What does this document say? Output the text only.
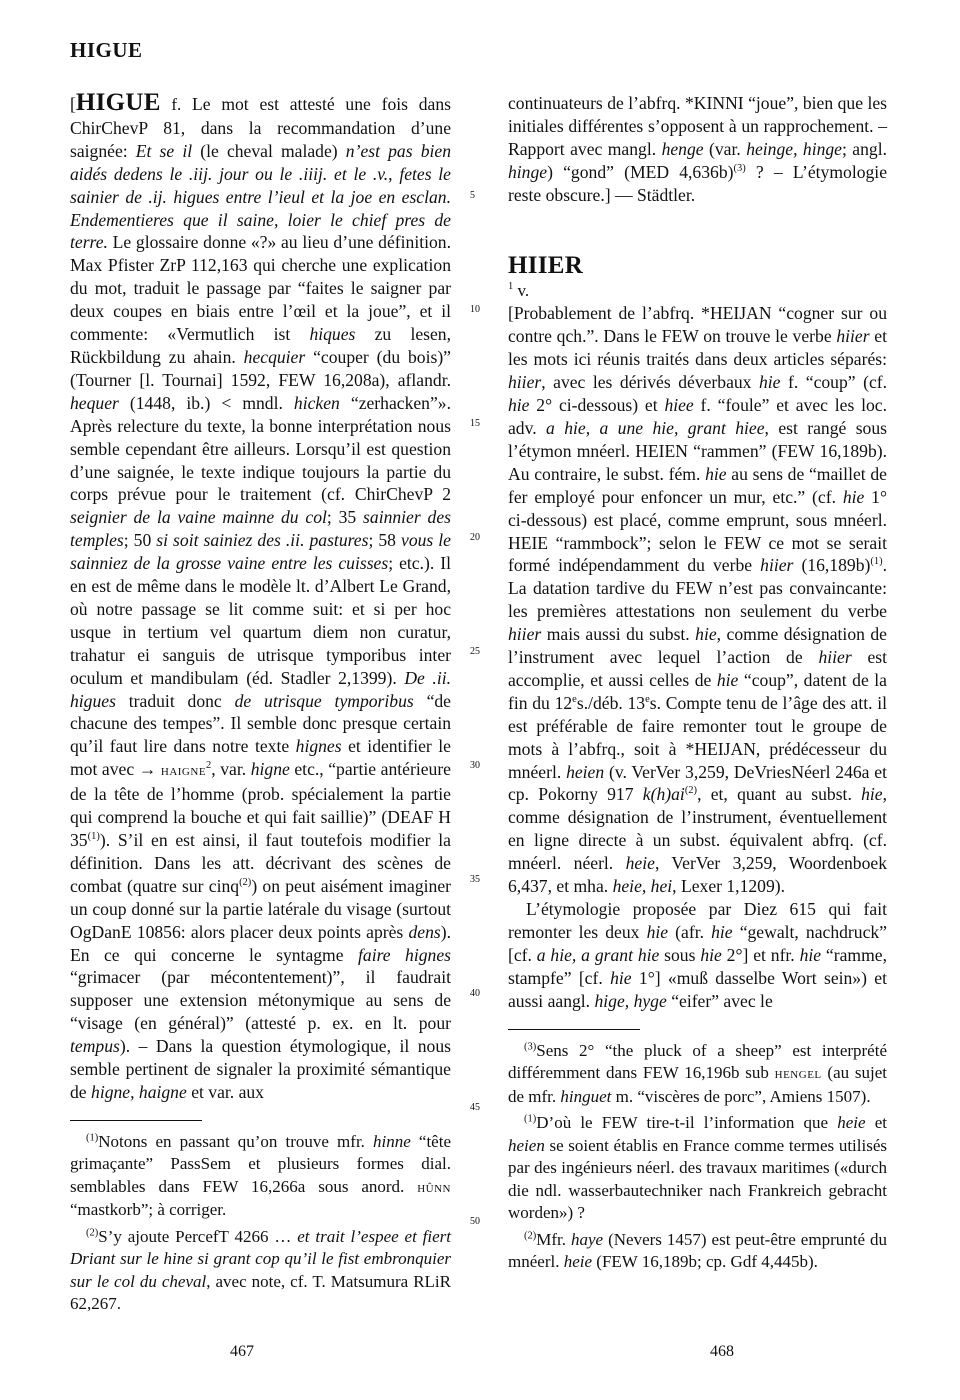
HIGUE

[HIGUE f. Le mot est attesté une fois dans ChirChevP 81, dans la recommandation d’une saignée: Et se il (le cheval malade) n’est pas bien aidés dedens le .iij. jour ou le .iiij. et le .v., fetes le sainier de .ij. higues entre l’ieul et la joe en esclan. Endementieres que il saine, loier le chief pres de terre. Le glossaire donne «?» au lieu d’une définition. Max Pfister ZrP 112,163 qui cherche une explication du mot, traduit le passage par “faites le saigner par deux coupes en biais entre l’œil et la joue”, et il commente: «Vermutlich ist hiques zu lesen, Rückbildung zu ahain. hecquier “couper (du bois)” (Tourner [l. Tournai] 1592, FEW 16,208a), aflandr. hequer (1448, ib.) < mndl. hicken “zerhacken”». Après relecture du texte, la bonne interprétation nous semble cependant être ailleurs. Lorsqu’il est question d’une saignée, le texte indique toujours la partie du corps prévue pour le traitement (cf. ChirChevP 2 seignier de la vaine mainne du col; 35 sainnier des temples; 50 si soit sainiez des .ii. pastures; 58 vous le sainniez de la grosse vaine entre les cuisses; etc.). Il en est de même dans le modèle lt. d’Albert Le Grand, où notre passage se lit comme suit: et si per hoc usque in tertium vel quartum diem non curatur, trahatur ei sanguis de utrisque tymporibus inter oculum et mandibulam (éd. Stadler 2,1399). De .ii. higues traduit donc de utrisque tymporibus “de chacune des tempes”. Il semble donc presque certain qu’il faut lire dans notre texte hignes et identifier le mot avec → haigne$^2$, var. higne etc., “partie antérieure de la tête de l’homme (prob. spécialement la partie qui comprend la bouche et qui fait saillie)” (DEAF H 35$^{(1)}$). S’il en est ainsi, il faut toutefois modifier la définition. Dans les att. décrivant des scènes de combat (quatre sur cinq$^{(2)}$) on peut aisément imaginer un coup donné sur la partie latérale du visage (surtout OgDanE 10856: alors placer deux points après dens). En ce qui concerne le syntagme faire hignes “grimacer (par mécontentement)”, il faudrait supposer une extension métonymique au sens de “visage (en général)” (attesté p. ex. en lt. pour tempus). – Dans la question étymologique, il nous semble pertinent de signaler la proximité sémantique de higne, haigne et var. aux

$^{(1)}$Notons en passant qu’on trouve mfr. hinne “tête grimaçante” PassSem et plusieurs formes dial. semblables dans FEW 16,266a sous anord. hûnn “mastkorb”; à corriger.

$^{(2)}$S’y ajoute PercefT 4266 … et trait l’espee et fiert Driant sur le hine si grant cop qu’il le fist embronquier sur le col du cheval, avec note, cf. T. Matsumura RLiR 62,267.

5
10
15
20
25
30
35
40
45
50

continuateurs de l’abfrq. *KINNI “joue”, bien que les initiales différentes s’opposent à un rapprochement. – Rapport avec mangl. henge (var. heinge, hinge; angl. hinge) “gond” (MED 4,636b)$^{(3)}$ ? – L’étymologie reste obscure.] — Städtler.

HIIER
$^1$ v.

[Probablement de l’abfrq. *HEIJAN “cogner sur ou contre qch.”. Dans le FEW on trouve le verbe hiier et les mots ici réunis traités dans deux articles séparés: hiier, avec les dérivés déverbaux hie f. “coup” (cf. hie 2° ci-dessous) et hiee f. “foule” et avec les loc. adv. a hie, a une hie, grant hiee, est rangé sous l’étymon mnéerl. HEIEN “rammen” (FEW 16,189b). Au contraire, le subst. fém. hie au sens de “maillet de fer employé pour enfoncer un mur, etc.” (cf. hie 1° ci-dessous) est placé, comme emprunt, sous mnéerl. HEIE “rammbock”; selon le FEW ce mot se serait formé indépendamment du verbe hiier $(16,189b)^{(1)}$. La datation tardive du FEW n’est pas convaincante: les premières attestations non seulement du verbe hiier mais aussi du subst. hie, comme désignation de l’instrument avec lequel l’action de hiier est accomplie, et aussi celles de hie “coup”, datent de la fin du 12es./déb. 13es. Compte tenu de l’âge des att. il est préférable de faire remonter tout le groupe de mots à l’abfrq., soit à *HEIJAN, prédécesseur du mnéerl. heien (v. VerVer 3,259, DeVriesNéerl 246a et cp. Pokorny 917 $k(h)ai^{(2)}$, et, quant au subst. hie, comme désignation de l’instrument, éventuellement en ligne directe à un subst. équivalent abfrq. (cf. mnéerl. néerl. heie, VerVer 3,259, Woordenboek 6,437, et mha. heie, hei, Lexer 1,1209).

L’étymologie proposée par Diez 615 qui fait remonter les deux hie (afr. hie “gewalt, nachdruck” [cf. a hie, a grant hie sous hie 2°] et nfr. hie “ramme, stampfe” [cf. hie 1°] «muß dasselbe Wort sein») et aussi aangl. hige, hyge “eifer” avec le

$^{(3)}$Sens 2° “the pluck of a sheep” est interprété différemment dans FEW 16,196b sub hengel (au sujet de mfr. hinguet m. “viscères de porc”, Amiens 1507).

$^{(1)}$D’où le FEW tire-t-il l’information que heie et heien se soient établis en France comme termes utilisés par des ingénieurs néerl. des travaux maritimes («durch die ndl. wasserbautechniker nach Frankreich gebracht worden») ?

$^{(2)}$Mfr. haye (Nevers 1457) est peut-être emprunté du mnéerl. heie (FEW 16,189b; cp. Gdf 4,445b).

467	468
